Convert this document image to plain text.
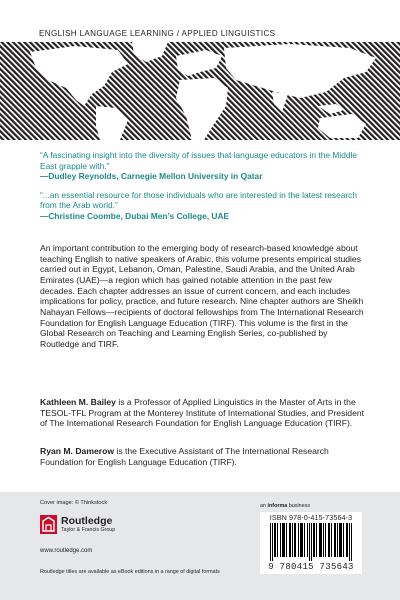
ENGLISH LANGUAGE LEARNING / APPLIED LINGUISTICS

“A fascinating insight into the diversity of issues that language educators in the Middle East grapple with.”

—Dudley Reynolds, Carnegie Mellon University in Qatar

“...an essential resource for those individuals who are interested in the latest research from the Arab world.”

—Christine Coombe, Dubai Men’s College, UAE

An important contribution to the emerging body of research-based knowledge about teaching English to native speakers of Arabic, this volume presents empirical studies carried out in Egypt, Lebanon, Oman, Palestine, Saudi Arabia, and the United Arab Emirates (UAE)—a region which has gained notable attention in the past few decades. Each chapter addresses an issue of current concern, and each includes implications for policy, practice, and future research. Nine chapter authors are Sheikh Nahayan Fellows—recipients of doctoral fellowships from The International Research Foundation for English Language Education (TIRF). This volume is the first in the Global Research on Teaching and Learning English Series, co-published by Routledge and TIRF.

Kathleen M. Bailey is a Professor of Applied Linguistics in the Master of Arts in the TESOL-TFL Program at the Monterey Institute of International Studies, and President of The International Research Foundation for English Language Education (TIRF).

Ryan M. Damerow is the Executive Assistant of The International Research Foundation for English Language Education (TIRF).

Cover image: © Thinkstock
Routledge
Taylor & Francis Group
www.routledge.com
Routledge titles are available as eBook editions in a range of digital formats
an informa business
ISBN 978-0-415-73564-3
9 780415 735643
